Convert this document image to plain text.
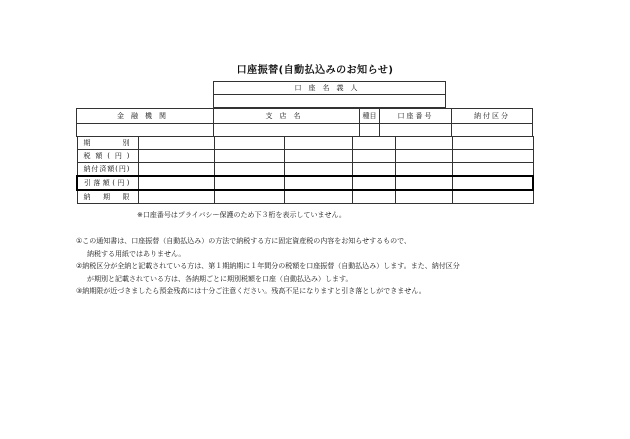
口座振替(自動払込みのお知らせ)
口座名義人

金融機関	支店名	種目	口座番号	納付区分

期別						
税額(円)						
納付済額(円)						
引落額(円)						
納期限						
※口座番号はプライバシー保護のため下３桁を表示していません。

①この通知書は、口座振替（自動払込み）の方法で納税する方に固定資産税の内容をお知らせするもので、

納税する用紙ではありません。

②納税区分が全納と記載されている方は、第１期納期に１年間分の税額を口座振替（自動払込み）します。また、納付区分

が期別と記載されている方は、各納期ごとに期別税額を口座（自動払込み）します。

③納期限が近づきましたら預金残高には十分ご注意ください。残高不足になりますと引き落としができません。
